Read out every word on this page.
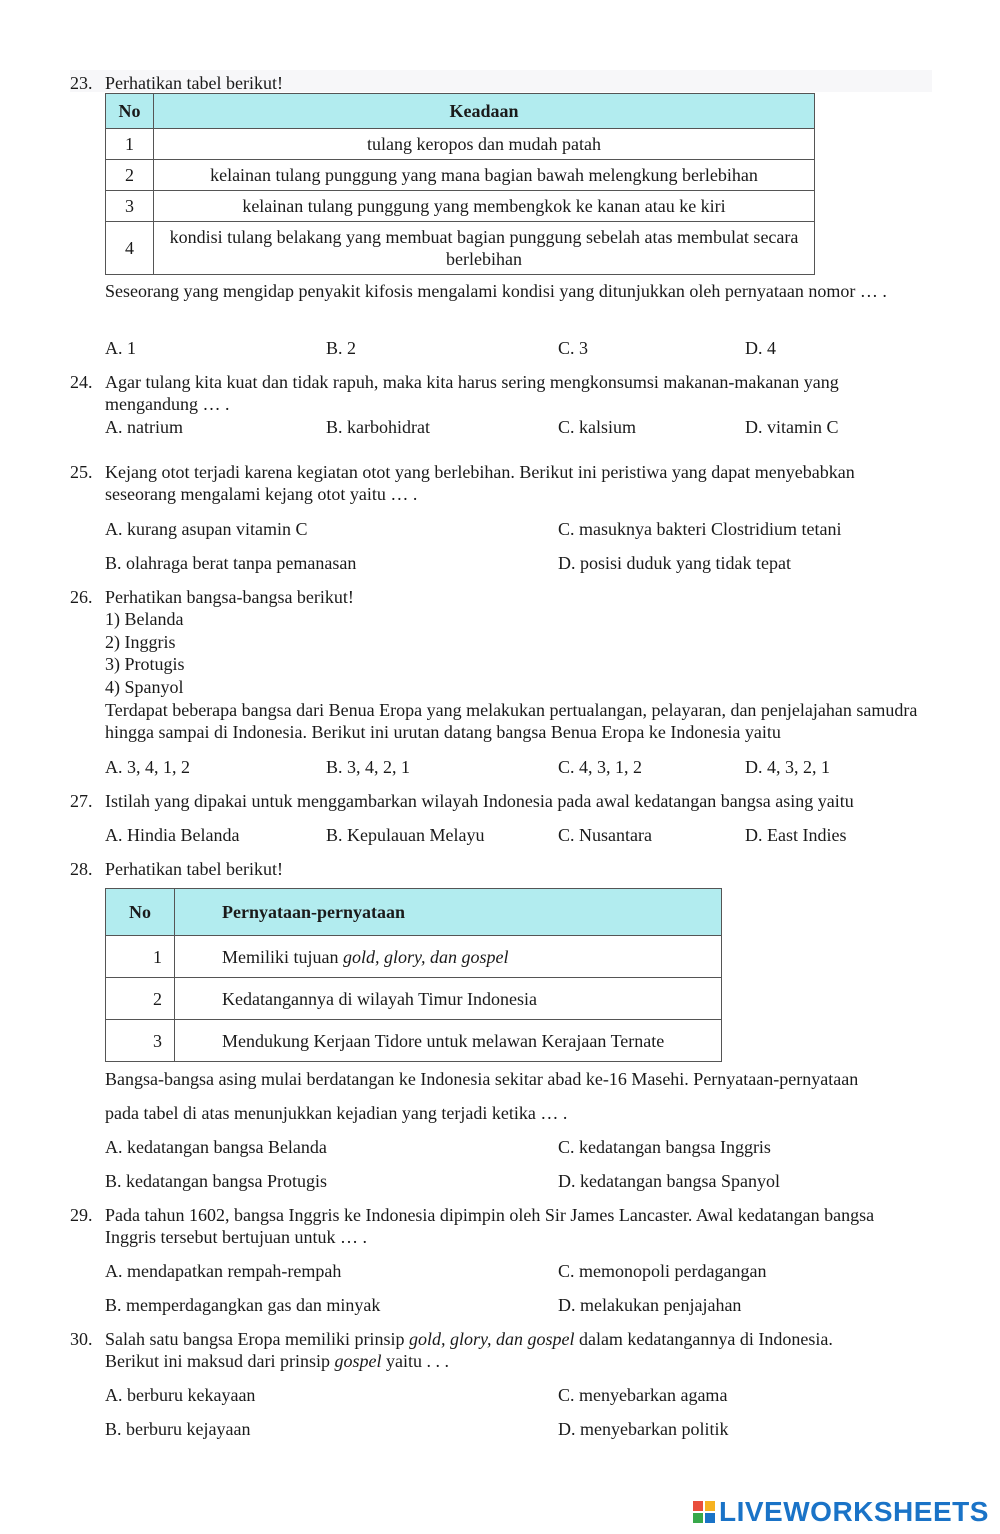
23. Perhatikan tabel berikut!
No	Keadaan
1	tulang keropos dan mudah patah
2	kelainan tulang punggung yang mana bagian bawah melengkung berlebihan
3	kelainan tulang punggung yang membengkok ke kanan atau ke kiri
4	kondisi tulang belakang yang membuat bagian punggung sebelah atas membulat secara berlebihan
Seseorang yang mengidap penyakit kifosis mengalami kondisi yang ditunjukkan oleh pernyataan nomor … .
A. 1	B. 2	C. 3	D. 4
24. Agar tulang kita kuat dan tidak rapuh, maka kita harus sering mengkonsumsi makanan-makanan yang mengandung … .
A. natrium	B. karbohidrat	C. kalsium	D. vitamin C
25. Kejang otot terjadi karena kegiatan otot yang berlebihan. Berikut ini peristiwa yang dapat menyebabkan seseorang mengalami kejang otot yaitu … .
A. kurang asupan vitamin C	C. masuknya bakteri Clostridium tetani
B. olahraga berat tanpa pemanasan	D. posisi duduk yang tidak tepat
26. Perhatikan bangsa-bangsa berikut!
1) Belanda
2) Inggris
3) Protugis
4) Spanyol
Terdapat beberapa bangsa dari Benua Eropa yang melakukan pertualangan, pelayaran, dan penjelajahan samudra hingga sampai di Indonesia. Berikut ini urutan datang bangsa Benua Eropa ke Indonesia yaitu
A. 3, 4, 1, 2	B. 3, 4, 2, 1	C. 4, 3, 1, 2	D. 4, 3, 2, 1
27. Istilah yang dipakai untuk menggambarkan wilayah Indonesia pada awal kedatangan bangsa asing yaitu
A. Hindia Belanda	B. Kepulauan Melayu	C. Nusantara	D. East Indies
28. Perhatikan tabel berikut!
No	Pernyataan-pernyataan
1	Memiliki tujuan gold, glory, dan gospel
2	Kedatangannya di wilayah Timur Indonesia
3	Mendukung Kerjaan Tidore untuk melawan Kerajaan Ternate
Bangsa-bangsa asing mulai berdatangan ke Indonesia sekitar abad ke-16 Masehi. Pernyataan-pernyataan
pada tabel di atas menunjukkan kejadian yang terjadi ketika … .
A. kedatangan bangsa Belanda	C. kedatangan bangsa Inggris
B. kedatangan bangsa Protugis	D. kedatangan bangsa Spanyol
29. Pada tahun 1602, bangsa Inggris ke Indonesia dipimpin oleh Sir James Lancaster. Awal kedatangan bangsa Inggris tersebut bertujuan untuk … .
A. mendapatkan rempah-rempah	C. memonopoli perdagangan
B. memperdagangkan gas dan minyak	D. melakukan penjajahan
30. Salah satu bangsa Eropa memiliki prinsip gold, glory, dan gospel dalam kedatangannya di Indonesia.
Berikut ini maksud dari prinsip gospel yaitu . . .
A. berburu kekayaan	C. menyebarkan agama
B. berburu kejayaan	D. menyebarkan politik
LIVEWORKSHEETS
